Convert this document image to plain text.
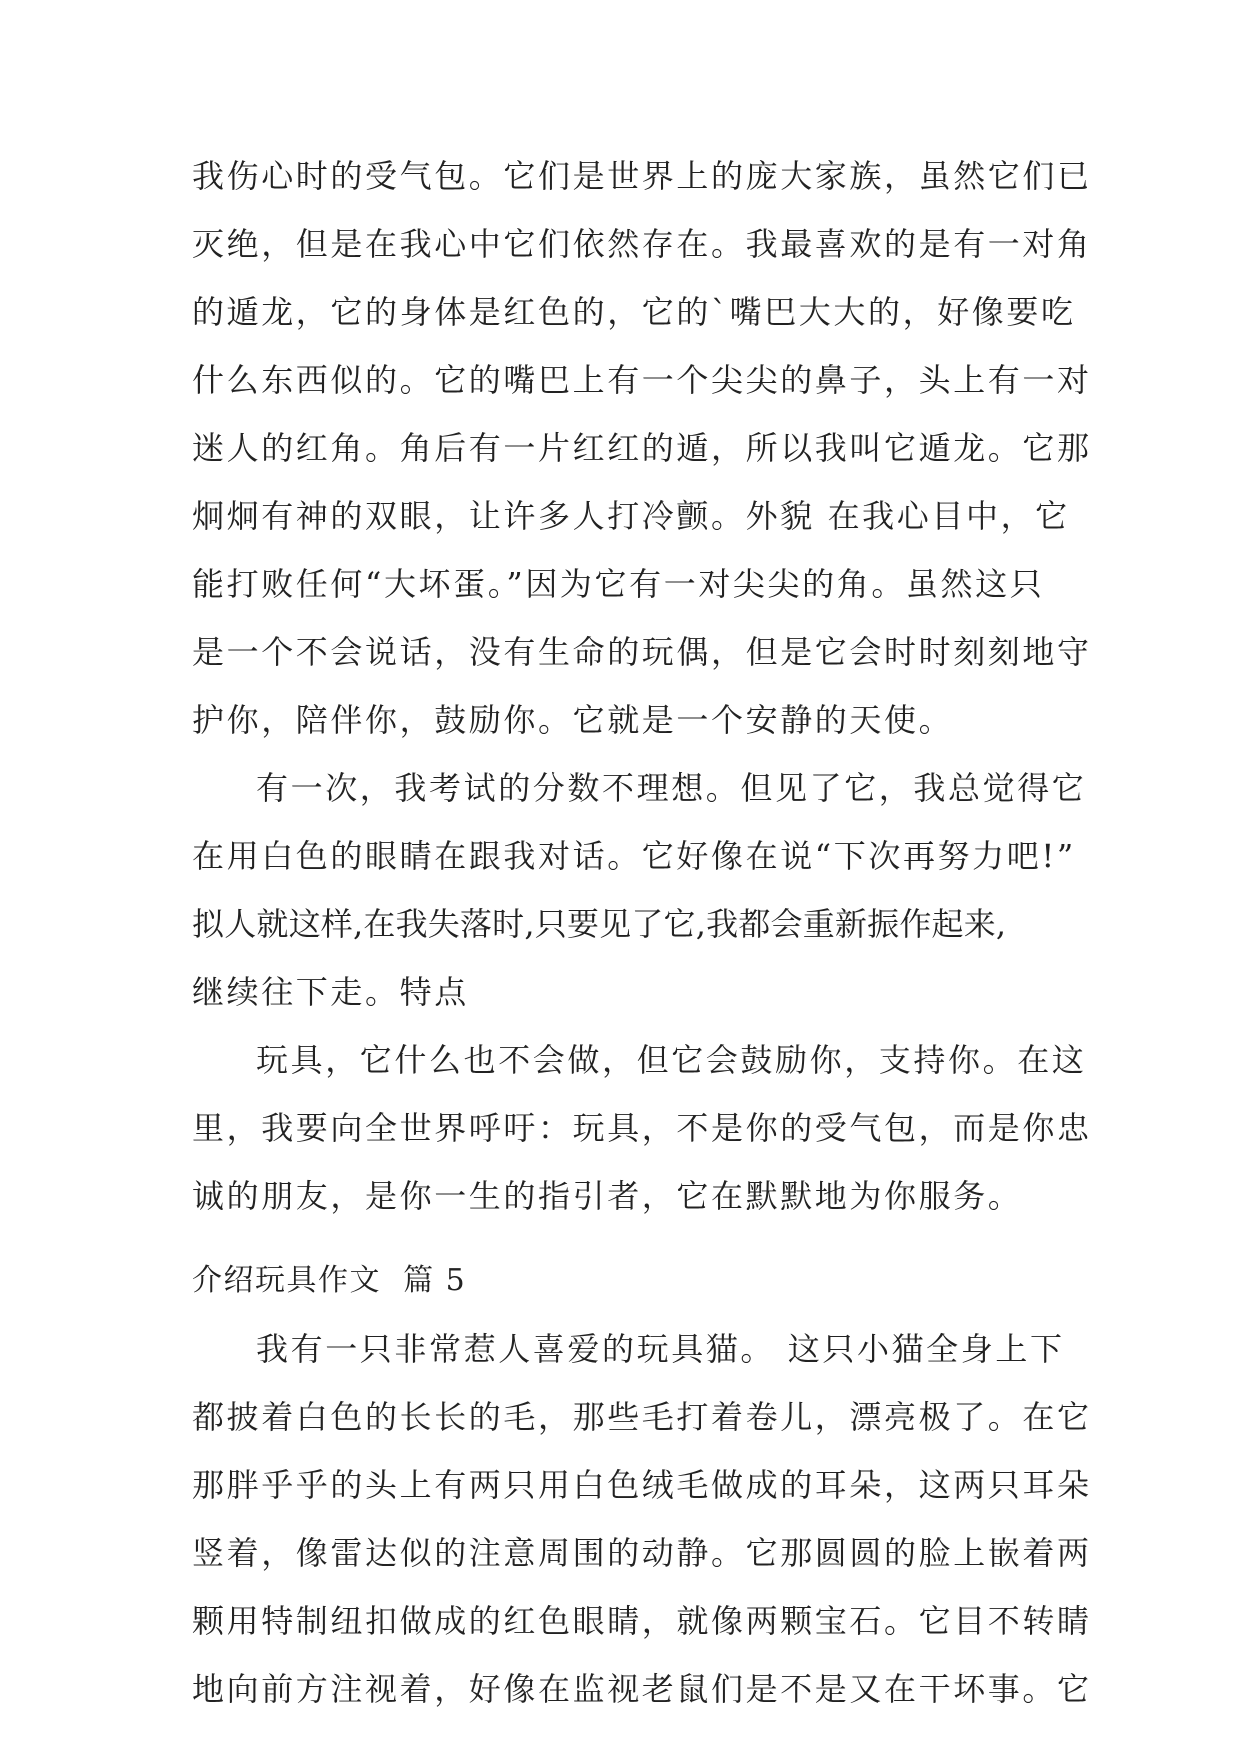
我伤心时的受气包。它们是世界上的庞大家族，虽然它们已
灭绝，但是在我心中它们依然存在。我最喜欢的是有一对角
的遁龙，它的身体是红色的，它的`嘴巴大大的，好像要吃
什么东西似的。它的嘴巴上有一个尖尖的鼻子，头上有一对
迷人的红角。角后有一片红红的遁，所以我叫它遁龙。它那
炯炯有神的双眼，让许多人打冷颤。外貌 在我心目中，它
能打败任何“大坏蛋。”因为它有一对尖尖的角。虽然这只
是一个不会说话，没有生命的玩偶，但是它会时时刻刻地守
护你，陪伴你，鼓励你。它就是一个安静的天使。
有一次，我考试的分数不理想。但见了它，我总觉得它
在用白色的眼睛在跟我对话。它好像在说“下次再努力吧!”
拟人就这样,在我失落时,只要见了它,我都会重新振作起来,
继续往下走。特点
玩具，它什么也不会做，但它会鼓励你，支持你。在这
里，我要向全世界呼吁：玩具，不是你的受气包，而是你忠
诚的朋友，是你一生的指引者，它在默默地为你服务。
介绍玩具作文  篇 5
我有一只非常惹人喜爱的玩具猫。 这只小猫全身上下
都披着白色的长长的毛，那些毛打着卷儿，漂亮极了。在它
那胖乎乎的头上有两只用白色绒毛做成的耳朵，这两只耳朵
竖着，像雷达似的注意周围的动静。它那圆圆的脸上嵌着两
颗用特制纽扣做成的红色眼睛，就像两颗宝石。它目不转睛
地向前方注视着，好像在监视老鼠们是不是又在干坏事。它
